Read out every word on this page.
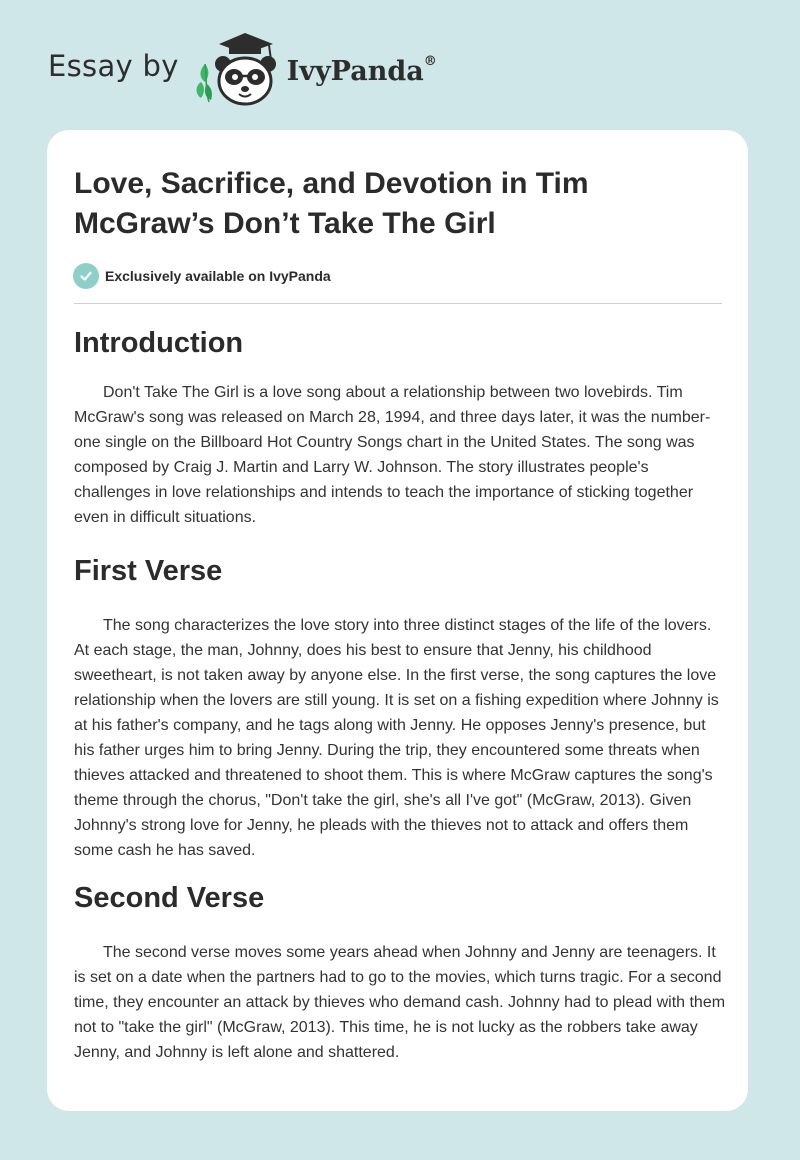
Essay by	IvyPanda®
Love, Sacrifice, and Devotion in Tim McGraw’s Don’t Take The Girl
Exclusively available on IvyPanda
Introduction

Don't Take The Girl is a love song about a relationship between two lovebirds. Tim McGraw's song was released on March 28, 1994, and three days later, it was the number-one single on the Billboard Hot Country Songs chart in the United States. The song was composed by Craig J. Martin and Larry W. Johnson. The story illustrates people's challenges in love relationships and intends to teach the importance of sticking together even in difficult situations.

First Verse

The song characterizes the love story into three distinct stages of the life of the lovers. At each stage, the man, Johnny, does his best to ensure that Jenny, his childhood sweetheart, is not taken away by anyone else. In the first verse, the song captures the love relationship when the lovers are still young. It is set on a fishing expedition where Johnny is at his father's company, and he tags along with Jenny. He opposes Jenny's presence, but his father urges him to bring Jenny. During the trip, they encountered some threats when thieves attacked and threatened to shoot them. This is where McGraw captures the song's theme through the chorus, "Don't take the girl, she's all I've got" (McGraw, 2013). Given Johnny's strong love for Jenny, he pleads with the thieves not to attack and offers them some cash he has saved.

Second Verse

The second verse moves some years ahead when Johnny and Jenny are teenagers. It is set on a date when the partners had to go to the movies, which turns tragic. For a second time, they encounter an attack by thieves who demand cash. Johnny had to plead with them not to "take the girl" (McGraw, 2013). This time, he is not lucky as the robbers take away Jenny, and Johnny is left alone and shattered.
